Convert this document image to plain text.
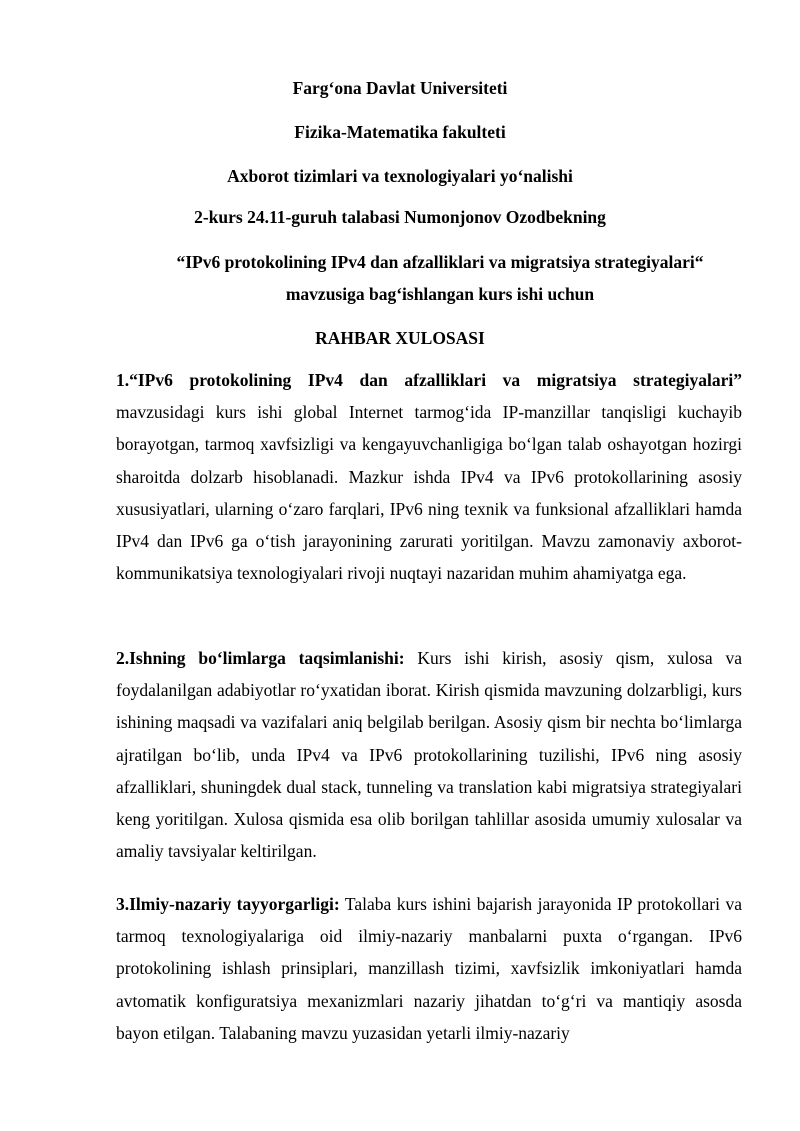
Farg‘ona Davlat Universiteti

Fizika-Matematika fakulteti

Axborot tizimlari va texnologiyalari yo‘nalishi

2-kurs 24.11-guruh talabasi Numonjonov Ozodbekning

“IPv6 protokolining IPv4 dan afzalliklari va migratsiya strategiyalari“ mavzusiga bag‘ishlangan kurs ishi uchun

RAHBAR XULOSASI

1.“IPv6 protokolining IPv4 dan afzalliklari va migratsiya strategiyalari” mavzusidagi kurs ishi global Internet tarmog‘ida IP-manzillar tanqisligi kuchayib borayotgan, tarmoq xavfsizligi va kengayuvchanligiga bo‘lgan talab oshayotgan hozirgi sharoitda dolzarb hisoblanadi. Mazkur ishda IPv4 va IPv6 protokollarining asosiy xususiyatlari, ularning o‘zaro farqlari, IPv6 ning texnik va funksional afzalliklari hamda IPv4 dan IPv6 ga o‘tish jarayonining zarurati yoritilgan. Mavzu zamonaviy axborot-kommunikatsiya texnologiyalari rivoji nuqtayi nazaridan muhim ahamiyatga ega.

2.Ishning bo‘limlarga taqsimlanishi: Kurs ishi kirish, asosiy qism, xulosa va foydalanilgan adabiyotlar ro‘yxatidan iborat. Kirish qismida mavzuning dolzarbligi, kurs ishining maqsadi va vazifalari aniq belgilab berilgan. Asosiy qism bir nechta bo‘limlarga ajratilgan bo‘lib, unda IPv4 va IPv6 protokollarining tuzilishi, IPv6 ning asosiy afzalliklari, shuningdek dual stack, tunneling va translation kabi migratsiya strategiyalari keng yoritilgan. Xulosa qismida esa olib borilgan tahlillar asosida umumiy xulosalar va amaliy tavsiyalar keltirilgan.

3.Ilmiy-nazariy tayyorgarligi: Talaba kurs ishini bajarish jarayonida IP protokollari va tarmoq texnologiyalariga oid ilmiy-nazariy manbalarni puxta o‘rgangan. IPv6 protokolining ishlash prinsiplari, manzillash tizimi, xavfsizlik imkoniyatlari hamda avtomatik konfiguratsiya mexanizmlari nazariy jihatdan to‘g‘ri va mantiqiy asosda bayon etilgan. Talabaning mavzu yuzasidan yetarli ilmiy-nazariy
